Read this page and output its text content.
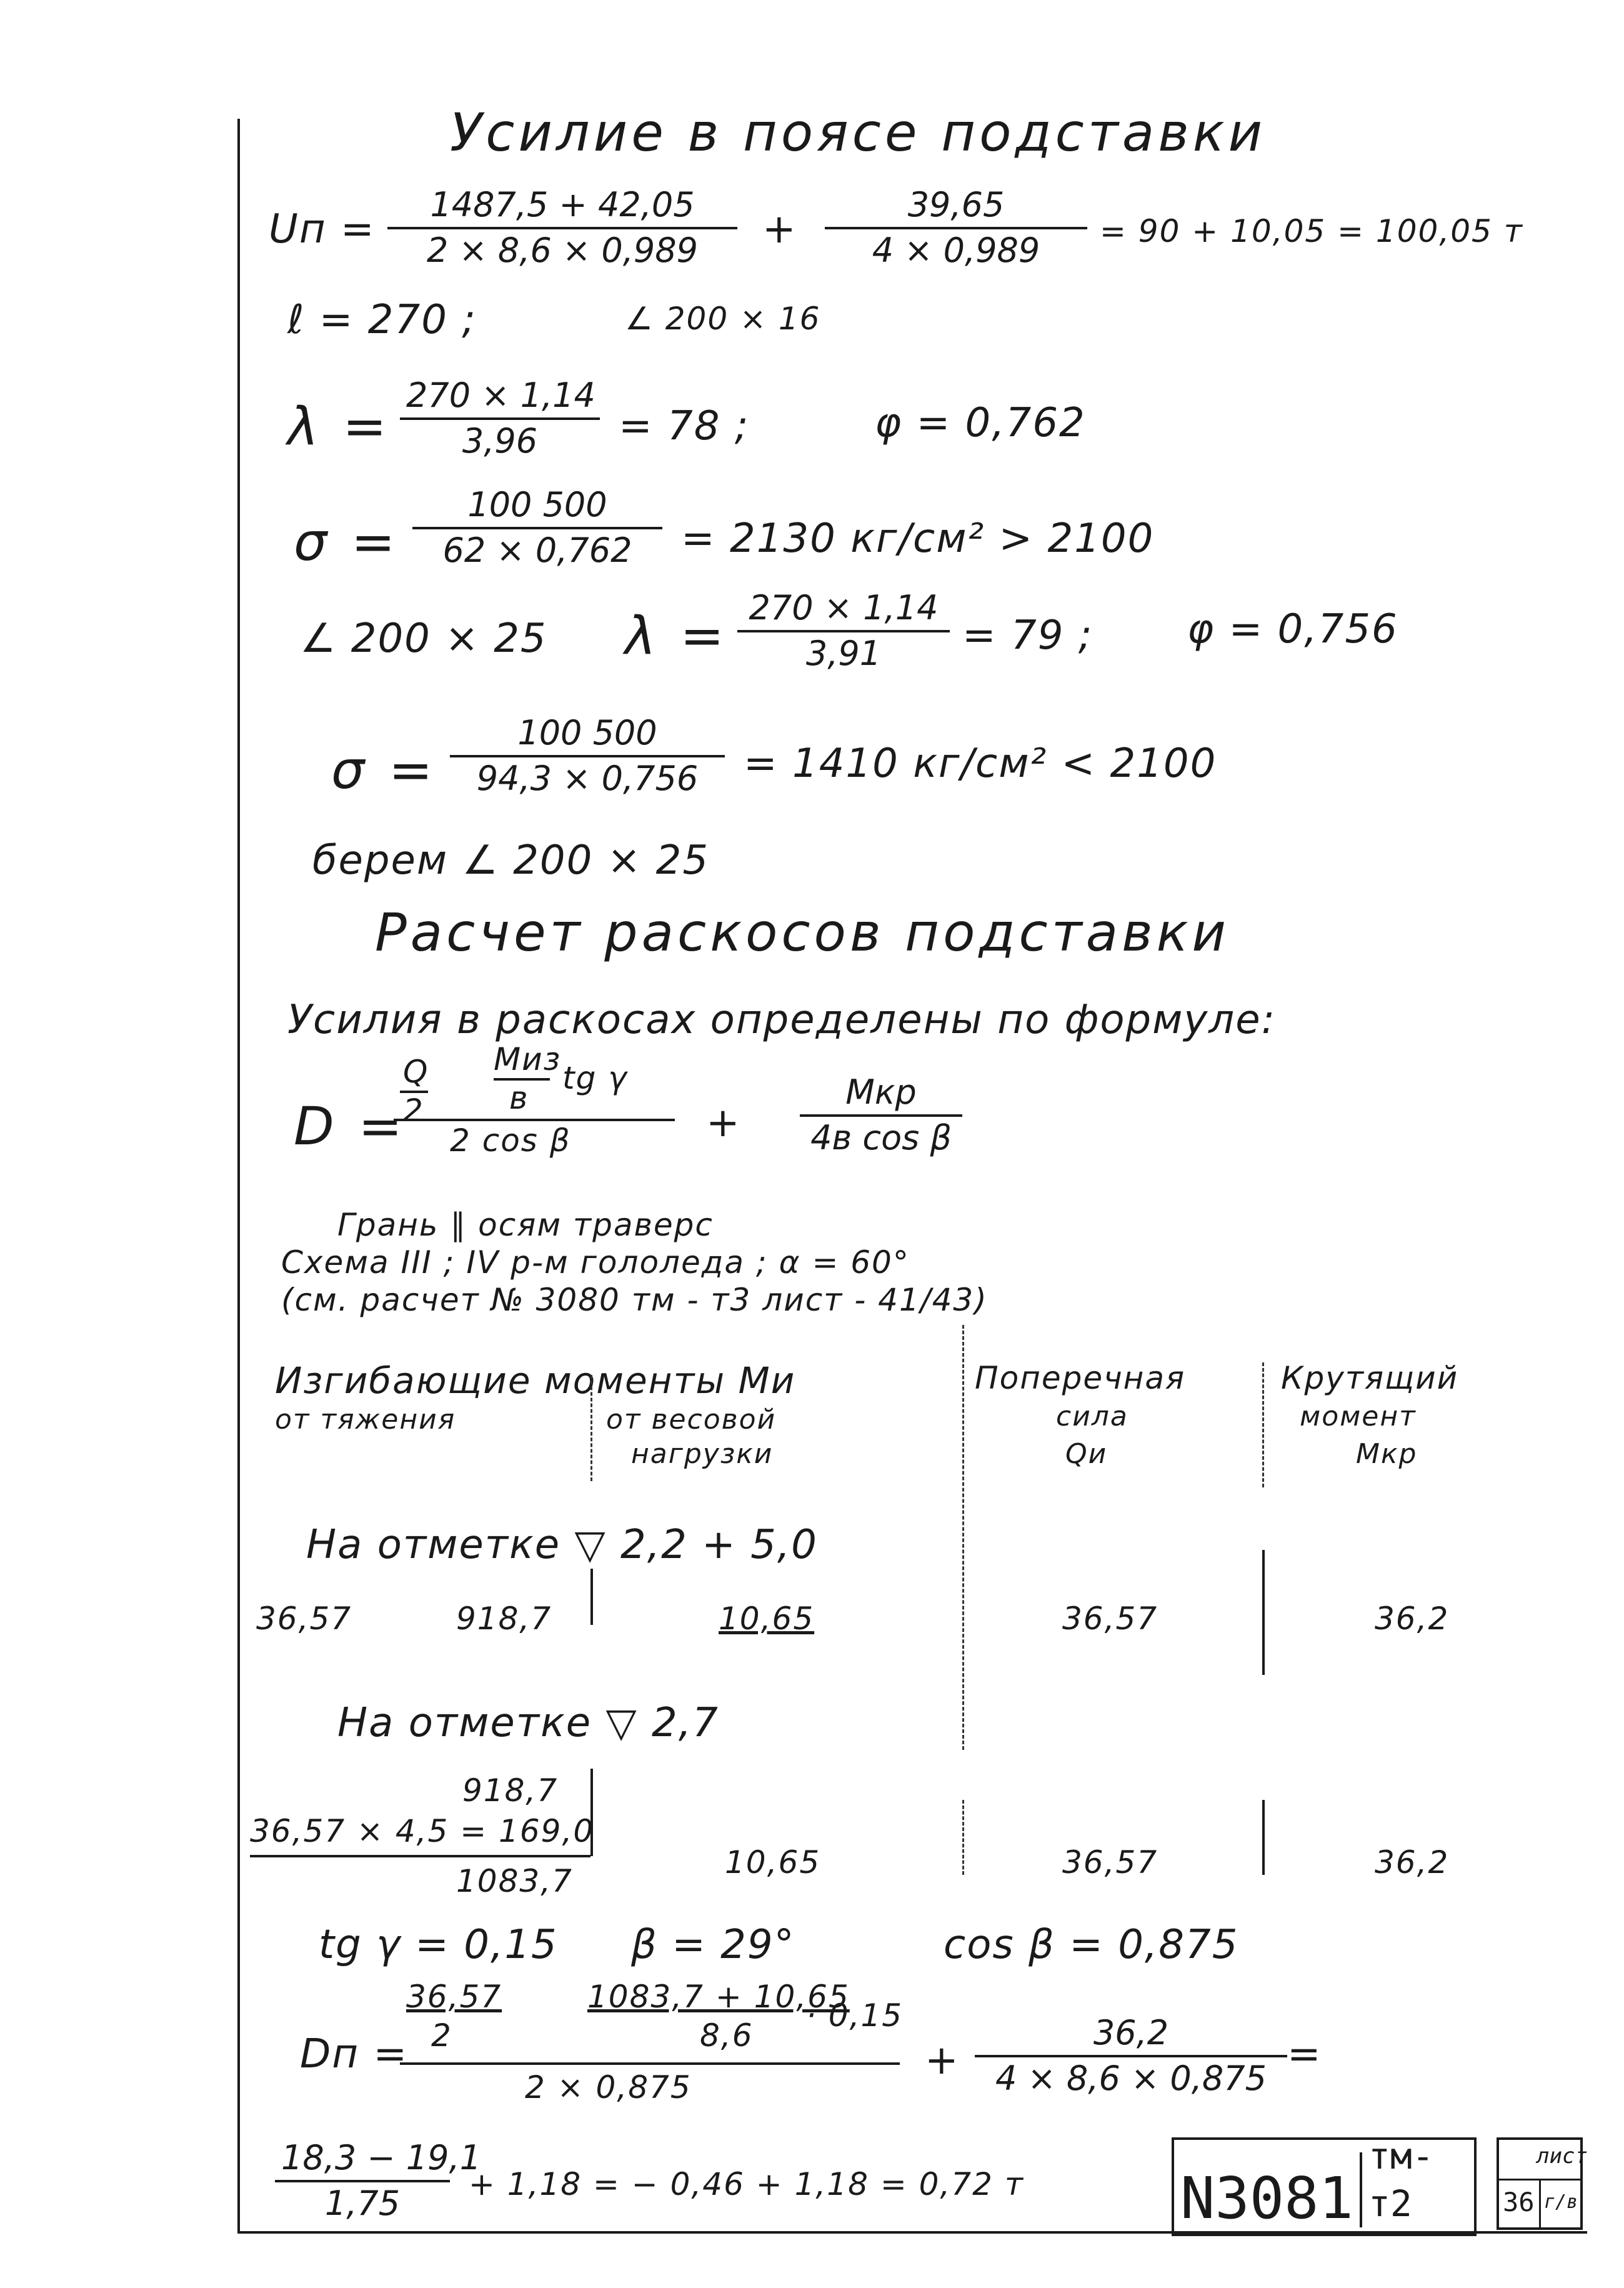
Усилие в поясе подставки
Uп =
1487,5 + 42,05
2 × 8,6 × 0,989	+
39,65
4 × 0,989	= 90 + 10,05 = 100,05 т
ℓ = 270 ;	∠ 200 × 16
λ =
270 × 1,14
3,96	= 78 ;	φ = 0,762
σ =
100 500
62 × 0,762	= 2130 кг/см² > 2100
∠ 200 × 25 λ = 270 × 1,14
3,91	= 79 ; φ = 0,756
σ =
100 500
94,3 × 0,756	= 1410 кг/см² < 2100
берем ∠ 200 × 25
Расчет раскосов подставки
Усилия в раскосах определены по формуле:
D =
Q
2
Mиз
в
tg γ
2 cos β	+
Mкр
4в cos β
Грань ∥ осям траверс
Схема III ; IV р-м гололеда ; α = 60°
(см. расчет № 3080 тм - т3 лист - 41/43)
Изгибающие моменты Mи
от тяжения	от весовой
нагрузки
Поперечная
сила
Qи
Крутящий
момент
Mкр
На отметке ▽ 2,2 + 5,0
36,57	918,7	10,65	36,57	36,2
На отметке ▽ 2,7
918,7
36,57 × 4,5 = 169,0
1083,7
10,65	36,57	36,2
tg γ = 0,15 β = 29°	cos β = 0,875
Dп =
36,57
2
1083,7 + 10,65
8,6
· 0,15
2 × 0,875
+
36,2
4 × 8,6 × 0,875
=
18,3 − 19,1
1,75	+ 1,18 = − 0,46 + 1,18 = 0,72 т	N3081
тм-т2
лист
36 г/в
